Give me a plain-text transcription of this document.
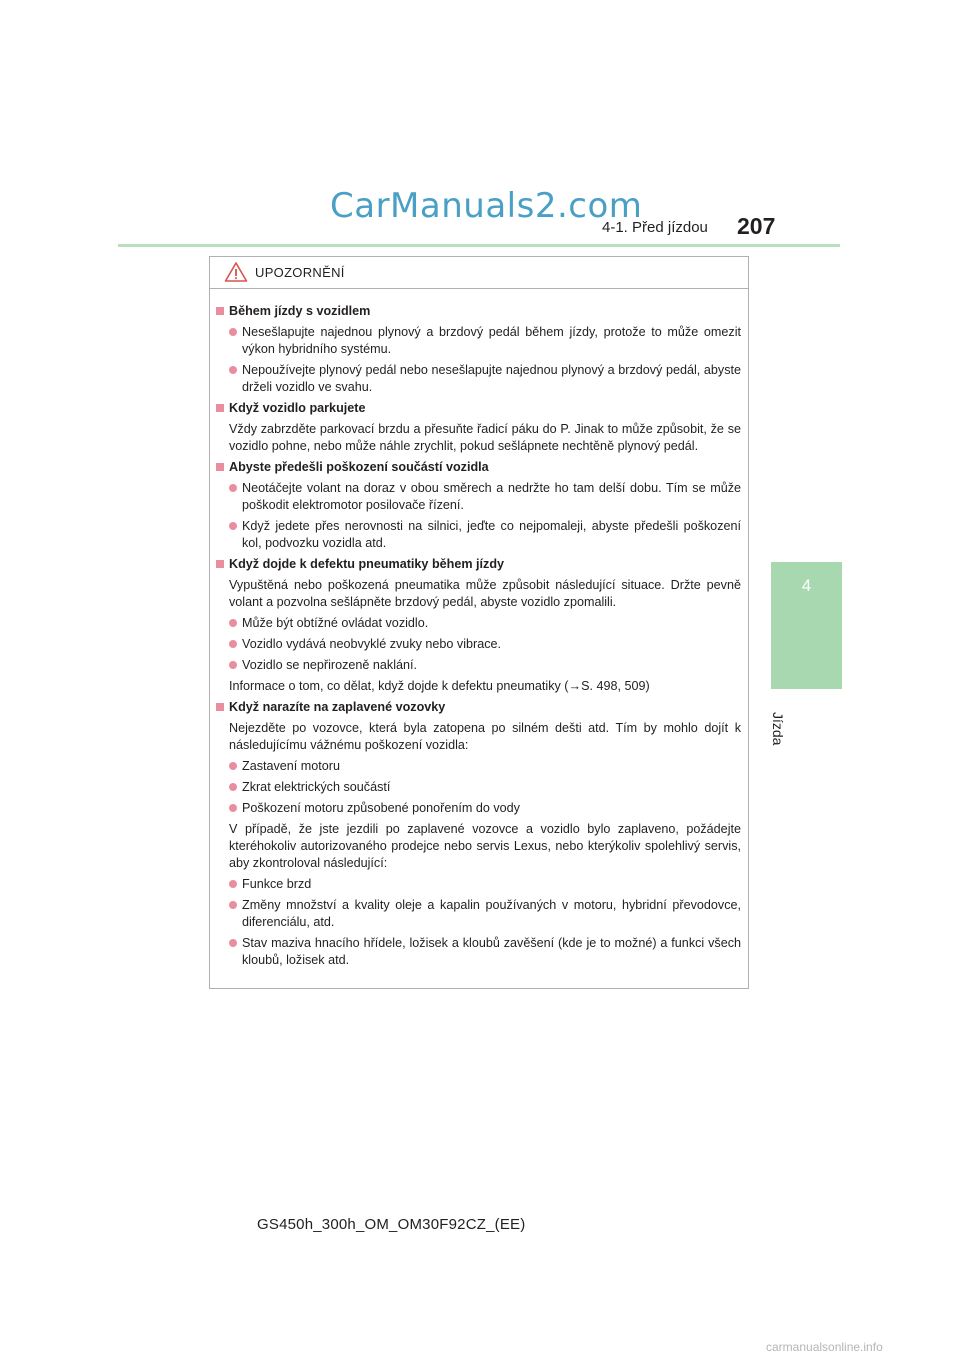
CarManuals2.com
4-1. Před jízdou 207
4
Jízda
UPOZORNĚNÍ
Během jízdy s vozidlem
Nesešlapujte najednou plynový a brzdový pedál během jízdy, protože to může omezit výkon hybridního systému.
Nepoužívejte plynový pedál nebo nesešlapujte najednou plynový a brzdový pedál, abyste drželi vozidlo ve svahu.
Když vozidlo parkujete
Vždy zabrzděte parkovací brzdu a přesuňte řadicí páku do P. Jinak to může způsobit, že se vozidlo pohne, nebo může náhle zrychlit, pokud sešlápnete nechtěně plynový pedál.
Abyste předešli poškození součástí vozidla
Neotáčejte volant na doraz v obou směrech a nedržte ho tam delší dobu. Tím se může poškodit elektromotor posilovače řízení.
Když jedete přes nerovnosti na silnici, jeďte co nejpomaleji, abyste předešli poškození kol, podvozku vozidla atd.
Když dojde k defektu pneumatiky během jízdy
Vypuštěná nebo poškozená pneumatika může způsobit následující situace. Držte pevně volant a pozvolna sešlápněte brzdový pedál, abyste vozidlo zpomalili.
Může být obtížné ovládat vozidlo.
Vozidlo vydává neobvyklé zvuky nebo vibrace.
Vozidlo se nepřirozeně naklání.
Informace o tom, co dělat, když dojde k defektu pneumatiky (→S. 498, 509)
Když narazíte na zaplavené vozovky
Nejezděte po vozovce, která byla zatopena po silném dešti atd. Tím by mohlo dojít k následujícímu vážnému poškození vozidla:
Zastavení motoru
Zkrat elektrických součástí
Poškození motoru způsobené ponořením do vody
V případě, že jste jezdili po zaplavené vozovce a vozidlo bylo zaplaveno, požádejte kteréhokoliv autorizovaného prodejce nebo servis Lexus, nebo kterýkoliv spolehlivý servis, aby zkontroloval následující:
Funkce brzd
Změny množství a kvality oleje a kapalin používaných v motoru, hybridní převodovce, diferenciálu, atd.
Stav maziva hnacího hřídele, ložisek a kloubů zavěšení (kde je to možné) a funkci všech kloubů, ložisek atd.
GS450h_300h_OM_OM30F92CZ_(EE)
carmanualsonline.info
